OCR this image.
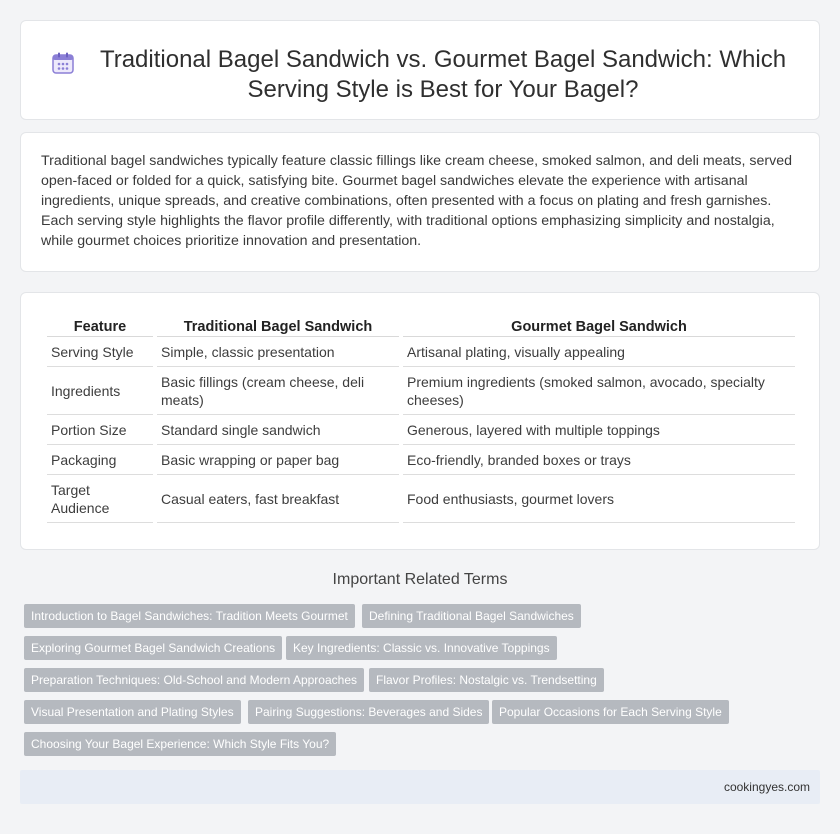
Traditional Bagel Sandwich vs. Gourmet Bagel Sandwich: Which Serving Style is Best for Your Bagel?

Traditional bagel sandwiches typically feature classic fillings like cream cheese, smoked salmon, and deli meats, served open-faced or folded for a quick, satisfying bite. Gourmet bagel sandwiches elevate the experience with artisanal ingredients, unique spreads, and creative combinations, often presented with a focus on plating and fresh garnishes. Each serving style highlights the flavor profile differently, with traditional options emphasizing simplicity and nostalgia, while gourmet choices prioritize innovation and presentation.

Feature	Traditional Bagel Sandwich	Gourmet Bagel Sandwich
Serving Style	Simple, classic presentation	Artisanal plating, visually appealing
Ingredients	Basic fillings (cream cheese, deli meats)	Premium ingredients (smoked salmon, avocado, specialty cheeses)
Portion Size	Standard single sandwich	Generous, layered with multiple toppings
Packaging	Basic wrapping or paper bag	Eco-friendly, branded boxes or trays
Target Audience	Casual eaters, fast breakfast	Food enthusiasts, gourmet lovers
Important Related Terms
Introduction to Bagel Sandwiches: Tradition Meets Gourmet	Defining Traditional Bagel Sandwiches
Exploring Gourmet Bagel Sandwich Creations	Key Ingredients: Classic vs. Innovative Toppings
Preparation Techniques: Old-School and Modern Approaches	Flavor Profiles: Nostalgic vs. Trendsetting
Visual Presentation and Plating Styles	Pairing Suggestions: Beverages and Sides	Popular Occasions for Each Serving Style
Choosing Your Bagel Experience: Which Style Fits You?
cookingyes.com
